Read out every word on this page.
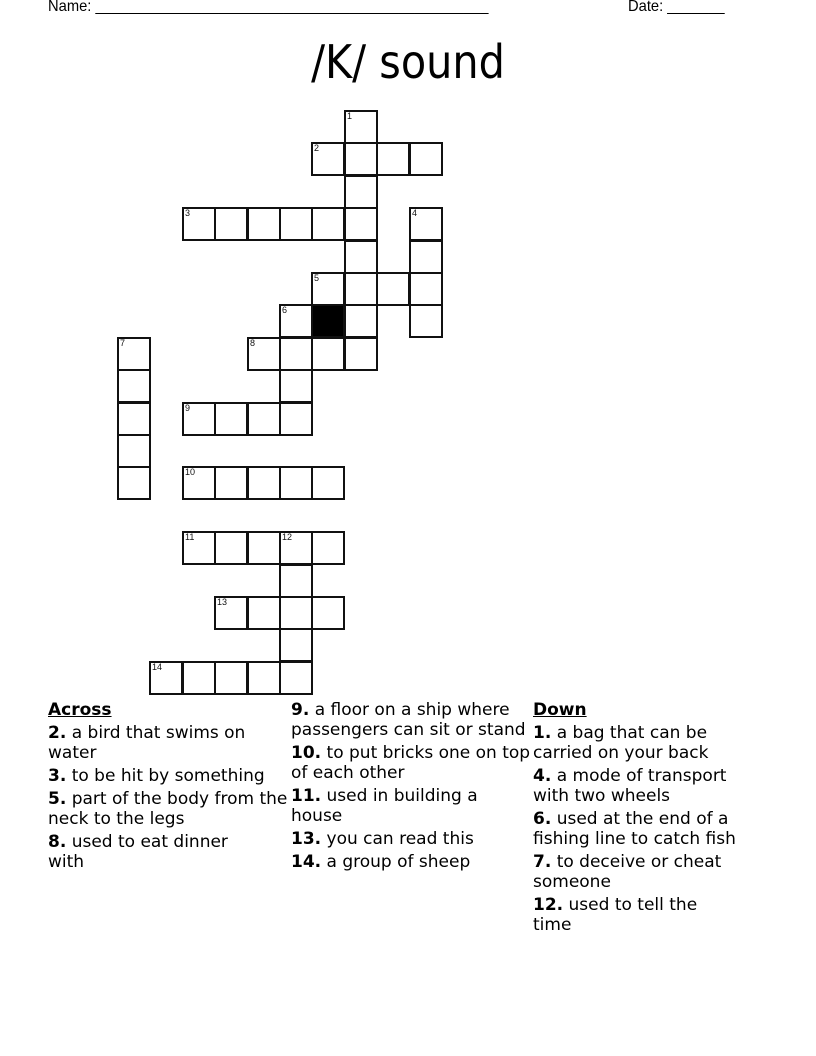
Name: ________________________________________________	Date: _______
/K/ sound
1
2
3	4
5
6
7	8
9
10
11	12
13
14
Across
2. a bird that swims on water
3. to be hit by something
5. part of the body from the neck to the legs
8. used to eat dinner with
9. a floor on a ship where passengers can sit or stand
10. to put bricks one on top of each other
11. used in building a house
13. you can read this
14. a group of sheep
Down
1. a bag that can be carried on your back
4. a mode of transport with two wheels
6. used at the end of a fishing line to catch fish
7. to deceive or cheat someone
12. used to tell the time
